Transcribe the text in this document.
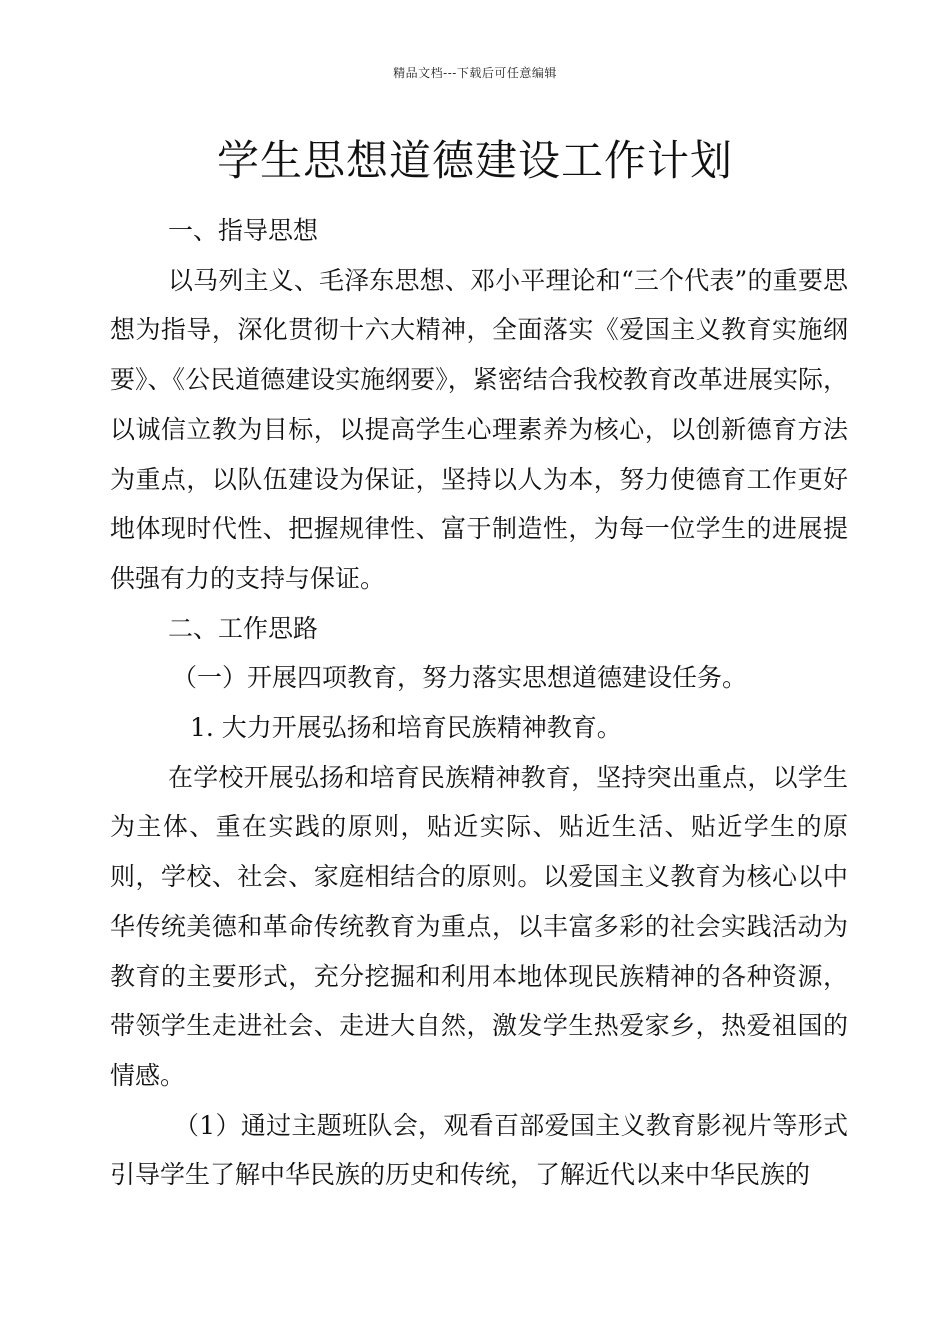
精品文档---下载后可任意编辑
学生思想道德建设工作计划

一、指导思想

以马列主义、毛泽东思想、邓小平理论和“三个代表”的重要思想为指导，深化贯彻十六大精神，全面落实《爱国主义教育实施纲要》、《公民道德建设实施纲要》，紧密结合我校教育改革进展实际，以诚信立教为目标，以提高学生心理素养为核心，以创新德育方法为重点，以队伍建设为保证，坚持以人为本，努力使德育工作更好地体现时代性、把握规律性、富于制造性，为每一位学生的进展提供强有力的支持与保证。

二、工作思路

（一）开展四项教育，努力落实思想道德建设任务。

1. 大力开展弘扬和培育民族精神教育。

在学校开展弘扬和培育民族精神教育，坚持突出重点，以学生为主体、重在实践的原则，贴近实际、贴近生活、贴近学生的原则，学校、社会、家庭相结合的原则。以爱国主义教育为核心以中华传统美德和革命传统教育为重点，以丰富多彩的社会实践活动为教育的主要形式，充分挖掘和利用本地体现民族精神的各种资源，带领学生走进社会、走进大自然，激发学生热爱家乡，热爱祖国的情感。

（1）通过主题班队会，观看百部爱国主义教育影视片等形式引导学生了解中华民族的历史和传统，了解近代以来中华民族的
